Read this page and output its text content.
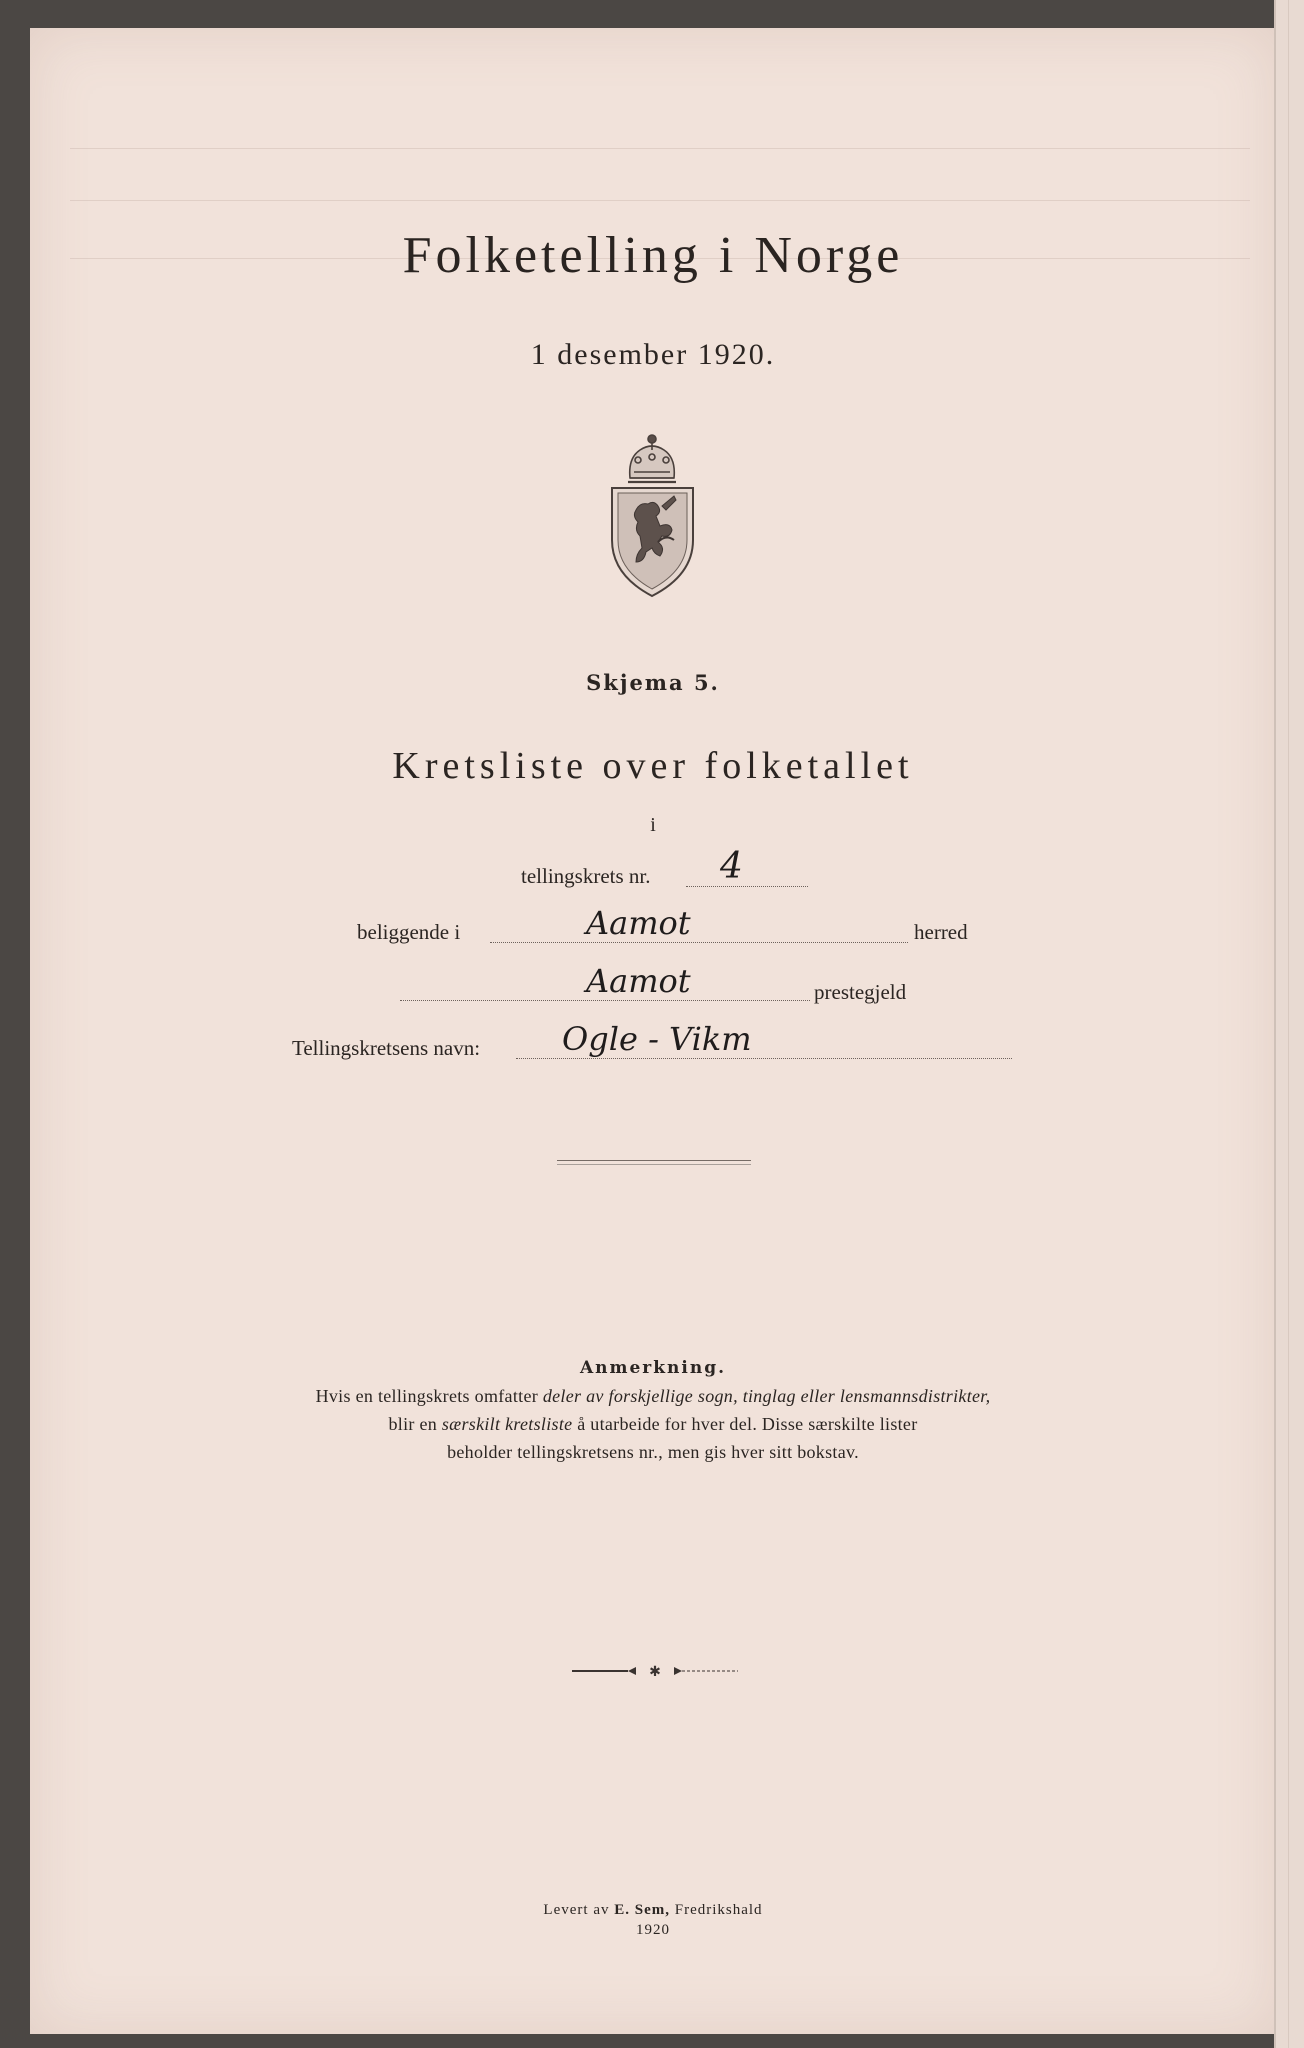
Folketelling i Norge
1 desember 1920.
Skjema 5.
Kretsliste over folketallet
i
tellingskrets nr. 4
beliggende i	Aamot	herred
Aamot	prestegjeld
Tellingskretsens navn:	Ogle - Vikm
Anmerkning.
Hvis en tellingskrets omfatter deler av forskjellige sogn, tinglag eller lensmannsdistrikter,
blir en særskilt kretsliste å utarbeide for hver del. Disse særskilte lister
beholder tellingskretsens nr., men gis hver sitt bokstav.
✱
Levert av E. Sem, Fredrikshald
1920
